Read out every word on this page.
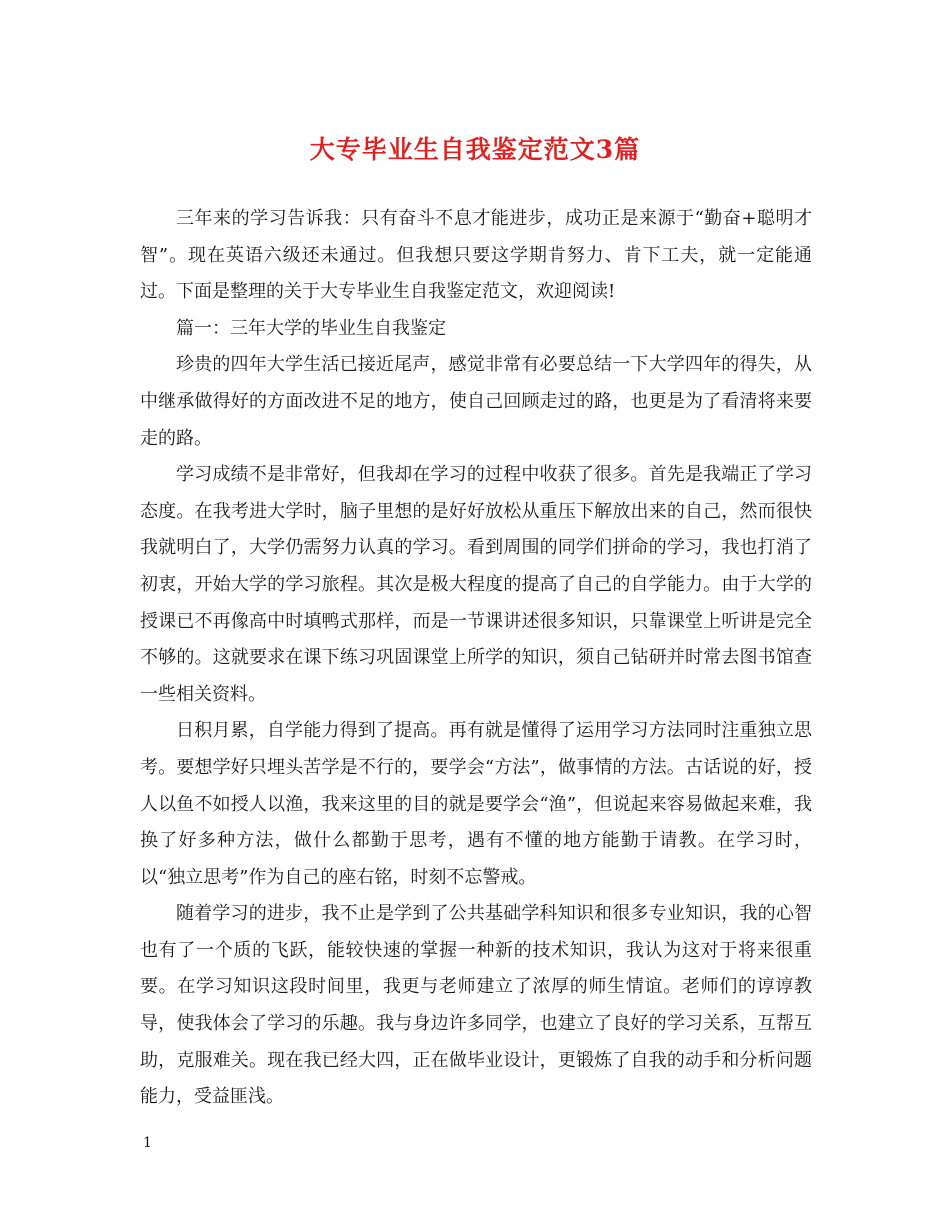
大专毕业生自我鉴定范文3篇

三年来的学习告诉我：只有奋斗不息才能进步，成功正是来源于“勤奋+聪明才智”。现在英语六级还未通过。但我想只要这学期肯努力、肯下工夫，就一定能通过。下面是整理的关于大专毕业生自我鉴定范文，欢迎阅读!

篇一：三年大学的毕业生自我鉴定

珍贵的四年大学生活已接近尾声，感觉非常有必要总结一下大学四年的得失，从中继承做得好的方面改进不足的地方，使自己回顾走过的路，也更是为了看清将来要走的路。

学习成绩不是非常好，但我却在学习的过程中收获了很多。首先是我端正了学习态度。在我考进大学时，脑子里想的是好好放松从重压下解放出来的自己，然而很快我就明白了，大学仍需努力认真的学习。看到周围的同学们拼命的学习，我也打消了初衷，开始大学的学习旅程。其次是极大程度的提高了自己的自学能力。由于大学的授课已不再像高中时填鸭式那样，而是一节课讲述很多知识，只靠课堂上听讲是完全不够的。这就要求在课下练习巩固课堂上所学的知识，须自己钻研并时常去图书馆查一些相关资料。

日积月累，自学能力得到了提高。再有就是懂得了运用学习方法同时注重独立思考。要想学好只埋头苦学是不行的，要学会“方法”，做事情的方法。古话说的好，授人以鱼不如授人以渔，我来这里的目的就是要学会“渔”，但说起来容易做起来难，我换了好多种方法，做什么都勤于思考，遇有不懂的地方能勤于请教。在学习时，以“独立思考”作为自己的座右铭，时刻不忘警戒。

随着学习的进步，我不止是学到了公共基础学科知识和很多专业知识，我的心智也有了一个质的飞跃，能较快速的掌握一种新的技术知识，我认为这对于将来很重要。在学习知识这段时间里，我更与老师建立了浓厚的师生情谊。老师们的谆谆教导，使我体会了学习的乐趣。我与身边许多同学，也建立了良好的学习关系，互帮互助，克服难关。现在我已经大四，正在做毕业设计，更锻炼了自我的动手和分析问题能力，受益匪浅。

1
